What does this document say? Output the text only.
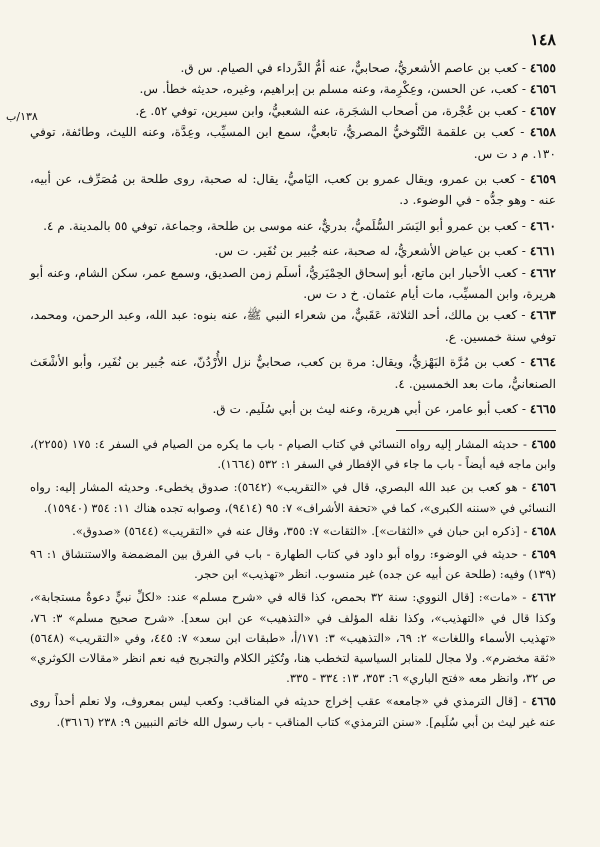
١٤٨
١٣٨/ب

٤٦٥٥ - كعب بن عاصم الأشعريُّ، صحابيٌّ، عنه أمُّ الدَّرداء في الصيام. س ق.

٤٦٥٦ - كعب، عن الحسن، وعِكْرِمة، وعنه مسلم بن إبراهيم، وغيره، حديثه خطأ. س.

٤٦٥٧ - كعب بن عُجْرة، من أصحاب الشجَرة، عنه الشعبيُّ، وابن سيرين، توفي ٥٢. ع.

٤٦٥٨ - كعب بن علقمة التَّنُوخيُّ المصريُّ، تابعيٌّ، سمع ابن المسيِّب، وعِدَّة، وعنه الليث، وطائفة، توفي ١٣٠. م د ت س.

٤٦٥٩ - كعب بن عمرو، ويقال عمرو بن كعب، اليَاميُّ، يقال: له صحبة، روى طلحة بن مُصَرِّف، عن أبيه، عنه - وهو جدُّه - في الوضوء. د.

٤٦٦٠ - كعب بن عمرو أبو اليَسَر السُّلَميُّ، بدريٌّ، عنه موسى بن طلحة، وجماعة، توفي ٥٥ بالمدينة. م ٤.

٤٦٦١ - كعب بن عياض الأشعريُّ، له صحبة، عنه جُبير بن نُفَير. ت س.

٤٦٦٢ - كعب الأحبار ابن ماتع، أبو إسحاق الحِمْيَريُّ، أسلَم زمن الصديق، وسمع عمر، سكن الشام، وعنه أبو هريرة، وابن المسيِّب، مات أيام عثمان. خ د ت س.

٤٦٦٣ - كعب بن مالك، أحد الثلاثة، عَقَبيٌّ، من شعراء النبي ﷺ، عنه بنوه: عبد الله، وعبد الرحمن، ومحمد، توفي سنة خمسين. ع.

٤٦٦٤ - كعب بن مُرَّة البَهْزيُّ، ويقال: مرة بن كعب، صحابيٌّ نزل الأُرْدُنّ، عنه جُبير بن نُفَير، وأبو الأشْعَث الصنعانيُّ، مات بعد الخمسين. ٤.

٤٦٦٥ - كعب أبو عامر، عن أبي هريرة، وعنه ليث بن أبي سُلَيم. ت ق.

٤٦٥٥ - حديثه المشار إليه رواه النسائي في كتاب الصيام - باب ما يكره من الصيام في السفر ٤: ١٧٥ (٢٢٥٥)، وابن ماجه فيه أيضاً - باب ما جاء في الإفطار في السفر ١: ٥٣٢ (١٦٦٤).

٤٦٥٦ - هو كعب بن عبد الله البصري، قال في «التقريب» (٥٦٤٢): صدوق يخطىء. وحديثه المشار إليه: رواه النسائي في «سننه الكبرى»، كما في «تحفة الأشراف» ٧: ٩٥ (٩٤١٤)، وصوابه تجده هناك ١١: ٣٥٤ (١٥٩٤٠).

٤٦٥٨ - [ذكره ابن حبان في «الثقات»]. «الثقات» ٧: ٣٥٥، وقال عنه في «التقريب» (٥٦٤٤) «صدوق».

٤٦٥٩ - حديثه في الوضوء: رواه أبو داود في كتاب الطهارة - باب في الفرق بين المضمضة والاستنشاق ١: ٩٦ (١٣٩) وفيه: (طلحة عن أبيه عن جده) غير منسوب. انظر «تهذيب» ابن حجر.

٤٦٦٢ - «مات»: [قال النووي: سنة ٣٢ بحمص، كذا قاله في «شرح مسلم» عند: «لكلِّ نبيٍّ دعوةٌ مستجابة»، وكذا قال في «التهذيب»، وكذا نقله المؤلف في «التذهيب» عن ابن سعد]. «شرح صحيح مسلم» ٣: ٧٦، «تهذيب الأسماء واللغات» ٢: ٦٩، «التذهيب» ٣: ١٧١/أ، «طبقات ابن سعد» ٧: ٤٤٥، وفي «التقريب» (٥٦٤٨) «ثقة مخضرم». ولا مجال للمنابر السياسية لتخطب هنا، وتُكثِر الكلام والتجريح فيه نعم انظر «مقالات الكوثري» ص ٣٢، وانظر معه «فتح الباري» ٦: ٣٥٣، ١٣: ٣٣٤ - ٣٣٥.

٤٦٦٥ - [قال الترمذي في «جامعه» عقب إخراج حديثه في المناقب: وكعب ليس بمعروف، ولا نعلم أحداً روى عنه غير ليث بن أبي سُلَيم]. «سنن الترمذي» كتاب المناقب - باب رسول الله خاتم النبيين ٩: ٢٣٨ (٣٦١٦).
